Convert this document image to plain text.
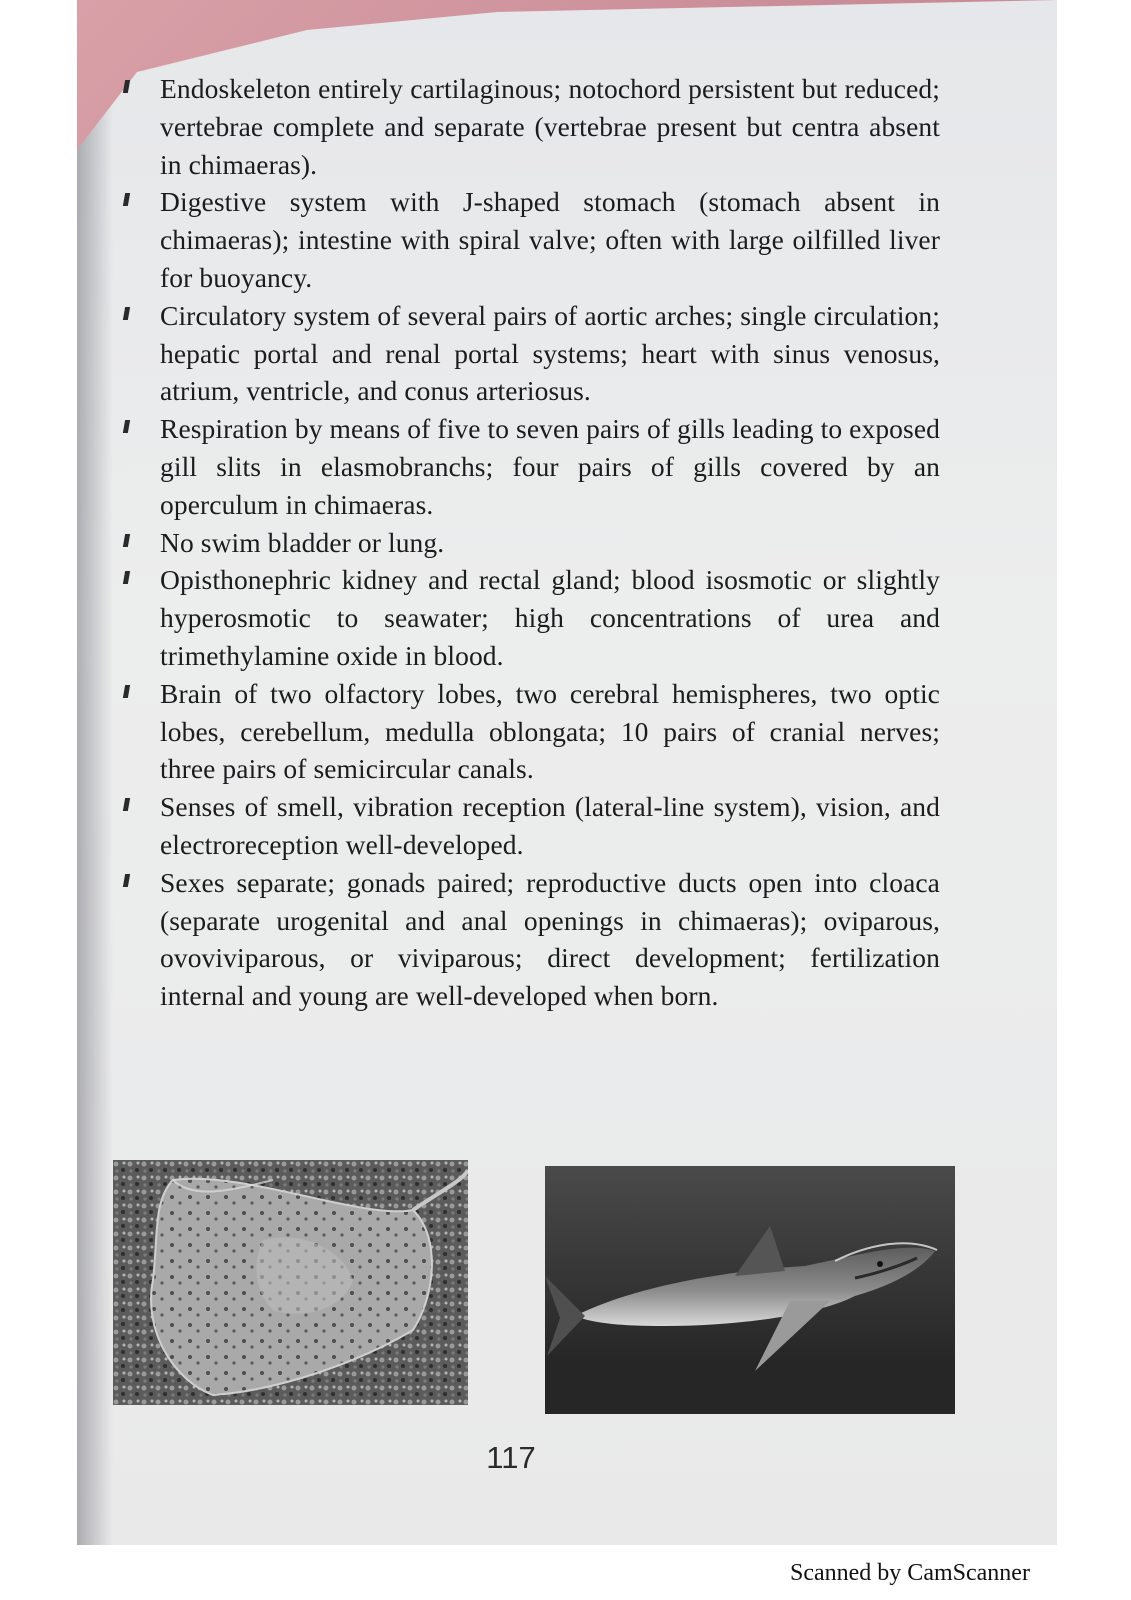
Endoskeleton entirely cartilaginous; notochord persistent but reduced; vertebrae complete and separate (vertebrae present but centra absent in chimaeras).
Digestive system with J-shaped stomach (stomach absent in chimaeras); intestine with spiral valve; often with large oilfilled liver for buoyancy.
Circulatory system of several pairs of aortic arches; single circulation; hepatic portal and renal portal systems; heart with sinus venosus, atrium, ventricle, and conus arteriosus.
Respiration by means of five to seven pairs of gills leading to exposed gill slits in elasmobranchs; four pairs of gills covered by an operculum in chimaeras.
No swim bladder or lung.
Opisthonephric kidney and rectal gland; blood isosmotic or slightly hyperosmotic to seawater; high concentrations of urea and trimethylamine oxide in blood.
Brain of two olfactory lobes, two cerebral hemispheres, two optic lobes, cerebellum, medulla oblongata; 10 pairs of cranial nerves; three pairs of semicircular canals.
Senses of smell, vibration reception (lateral-line system), vision, and electroreception well-developed.
Sexes separate; gonads paired; reproductive ducts open into cloaca (separate urogenital and anal openings in chimaeras); oviparous, ovoviviparous, or viviparous; direct development; fertilization internal and young are well-developed when born.
117
Scanned by CamScanner
